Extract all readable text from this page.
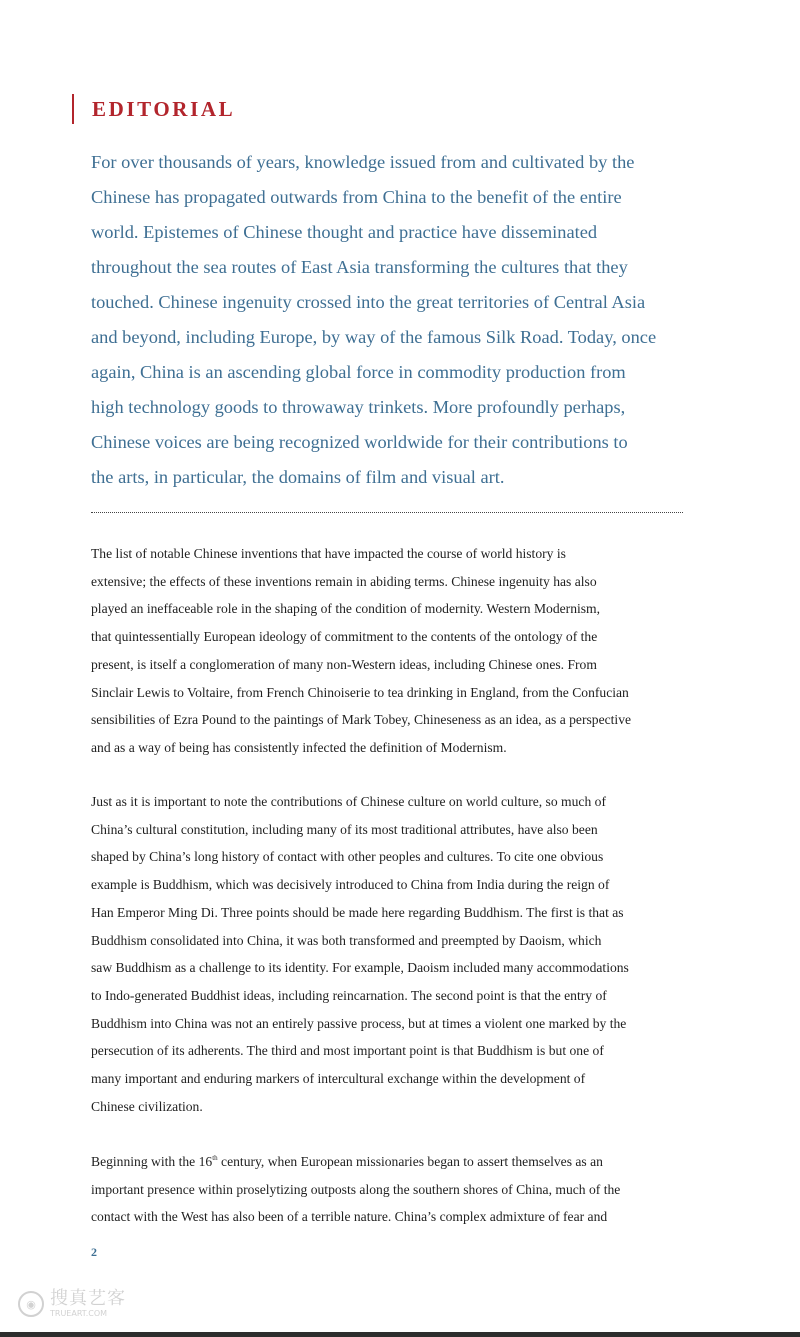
EDITORIAL

For over thousands of years, knowledge issued from and cultivated by the
Chinese has propagated outwards from China to the benefit of the entire
world. Epistemes of Chinese thought and practice have disseminated
throughout the sea routes of East Asia transforming the cultures that they
touched. Chinese ingenuity crossed into the great territories of Central Asia
and beyond, including Europe, by way of the famous Silk Road. Today, once
again, China is an ascending global force in commodity production from
high technology goods to throwaway trinkets. More profoundly perhaps,
Chinese voices are being recognized worldwide for their contributions to
the arts, in particular, the domains of film and visual art.

The list of notable Chinese inventions that have impacted the course of world history is
extensive; the effects of these inventions remain in abiding terms. Chinese ingenuity has also
played an ineffaceable role in the shaping of the condition of modernity. Western Modernism,
that quintessentially European ideology of commitment to the contents of the ontology of the
present, is itself a conglomeration of many non-Western ideas, including Chinese ones. From
Sinclair Lewis to Voltaire, from French Chinoiserie to tea drinking in England, from the Confucian
sensibilities of Ezra Pound to the paintings of Mark Tobey, Chineseness as an idea, as a perspective
and as a way of being has consistently infected the definition of Modernism.

Just as it is important to note the contributions of Chinese culture on world culture, so much of
China’s cultural constitution, including many of its most traditional attributes, have also been
shaped by China’s long history of contact with other peoples and cultures. To cite one obvious
example is Buddhism, which was decisively introduced to China from India during the reign of
Han Emperor Ming Di. Three points should be made here regarding Buddhism. The first is that as
Buddhism consolidated into China, it was both transformed and preempted by Daoism, which
saw Buddhism as a challenge to its identity. For example, Daoism included many accommodations
to Indo-generated Buddhist ideas, including reincarnation. The second point is that the entry of
Buddhism into China was not an entirely passive process, but at times a violent one marked by the
persecution of its adherents. The third and most important point is that Buddhism is but one of
many important and enduring markers of intercultural exchange within the development of
Chinese civilization.

Beginning with the 16th century, when European missionaries began to assert themselves as an
important presence within proselytizing outposts along the southern shores of China, much of the
contact with the West has also been of a terrible nature. China’s complex admixture of fear and

2
◉ 搜真艺客
TRUEART.COM
